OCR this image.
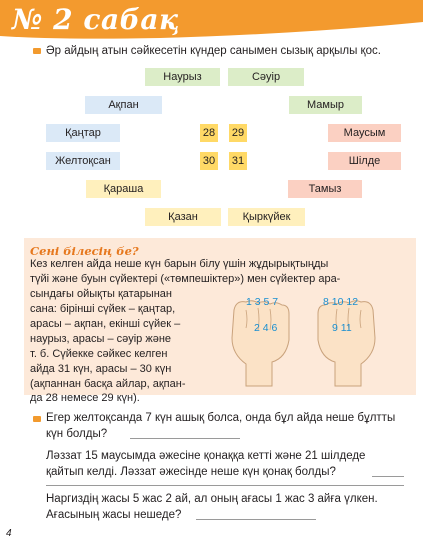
№ 2 сабақ
Әр айдың атын сәйкесетін күндер санымен сызық арқылы қос.
Наурыз	Сәуір
Ақпан	Мамыр
Қаңтар	28 29	Маусым
Желтоқсан	30 31	Шілде
Қараша	Тамыз
Қазан	Қыркүйек
Сені білесің бе?
Кез келген айда неше күн барын білу үшін жұдырықтыңды
түйі және буын сүйектері («төмпешіктер») мен сүйектер ара-
сындағы ойықты қатарынан
сана: бірінші сүйек – қаңтар,
арасы – ақпан, екінші сүйек –
наурыз, арасы – сәуір және
т. б. Сүйекке сәйкес келген
айда 31 күн, арасы – 30 күн
(ақпаннан басқа айлар, ақпан-
да 28 немесе 29 күн).
1 3 5 7	8 10 12
2 4 6	9 11
Егер желтоқсанда 7 күн ашық болса, онда бұл айда неше бұлтты
күн болды?
Ләззат 15 маусымда әжесіне қонаққа кетті және 21 шілдеде
қайтып келді. Ләззат әжесінде неше күн қонақ болды?
Наргиздің жасы 5 жас 2 ай, ал оның ағасы 1 жас 3 айға үлкен.
Ағасының жасы нешеде?
4
